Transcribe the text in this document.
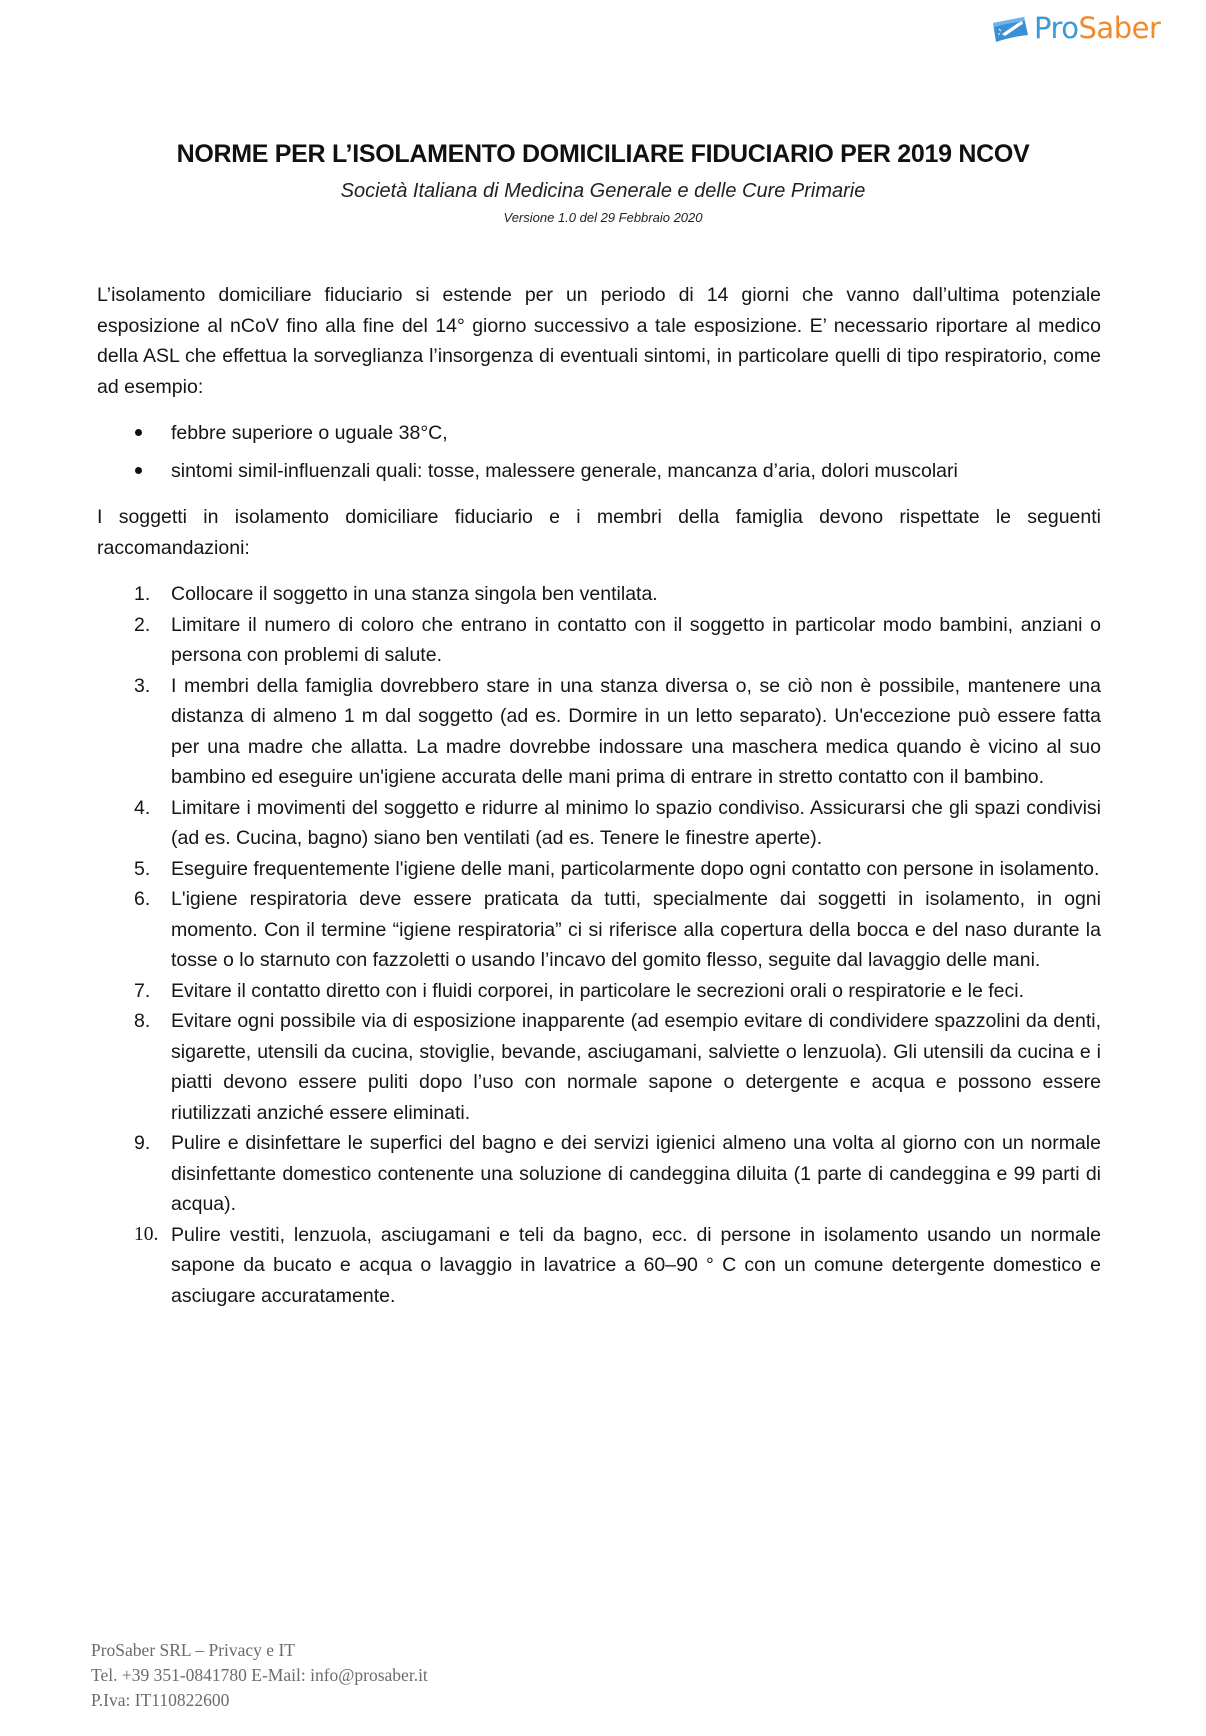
ProSaber
NORME PER L’ISOLAMENTO DOMICILIARE FIDUCIARIO PER 2019 NCOV
Società Italiana di Medicina Generale e delle Cure Primarie
Versione 1.0 del 29 Febbraio 2020

L’isolamento domiciliare fiduciario si estende per un periodo di 14 giorni che vanno dall’ultima potenziale esposizione al nCoV fino alla fine del 14° giorno successivo a tale esposizione. E’ necessario riportare al medico della ASL che effettua la sorveglianza l’insorgenza di eventuali sintomi, in particolare quelli di tipo respiratorio, come ad esempio:

febbre superiore o uguale 38°C,
sintomi simil-influenzali quali: tosse, malessere generale, mancanza d’aria, dolori muscolari

I soggetti in isolamento domiciliare fiduciario e i membri della famiglia devono rispettate le seguenti raccomandazioni:

1. Collocare il soggetto in una stanza singola ben ventilata.
2. Limitare il numero di coloro che entrano in contatto con il soggetto in particolar modo bambini, anziani o persona con problemi di salute.
3. I membri della famiglia dovrebbero stare in una stanza diversa o, se ciò non è possibile, mantenere una distanza di almeno 1 m dal soggetto (ad es. Dormire in un letto separato). Un'eccezione può essere fatta per una madre che allatta. La madre dovrebbe indossare una maschera medica quando è vicino al suo bambino ed eseguire un'igiene accurata delle mani prima di entrare in stretto contatto con il bambino.
4. Limitare i movimenti del soggetto e ridurre al minimo lo spazio condiviso. Assicurarsi che gli spazi condivisi (ad es. Cucina, bagno) siano ben ventilati (ad es. Tenere le finestre aperte).
5. Eseguire frequentemente l'igiene delle mani, particolarmente dopo ogni contatto con persone in isolamento.
6. L'igiene respiratoria deve essere praticata da tutti, specialmente dai soggetti in isolamento, in ogni momento. Con il termine “igiene respiratoria” ci si riferisce alla copertura della bocca e del naso durante la tosse o lo starnuto con fazzoletti o usando l’incavo del gomito flesso, seguite dal lavaggio delle mani.
7. Evitare il contatto diretto con i fluidi corporei, in particolare le secrezioni orali o respiratorie e le feci.
8. Evitare ogni possibile via di esposizione inapparente (ad esempio evitare di condividere spazzolini da denti, sigarette, utensili da cucina, stoviglie, bevande, asciugamani, salviette o lenzuola). Gli utensili da cucina e i piatti devono essere puliti dopo l’uso con normale sapone o detergente e acqua e possono essere riutilizzati anziché essere eliminati.
9. Pulire e disinfettare le superfici del bagno e dei servizi igienici almeno una volta al giorno con un normale disinfettante domestico contenente una soluzione di candeggina diluita (1 parte di candeggina e 99 parti di acqua).
10. Pulire vestiti, lenzuola, asciugamani e teli da bagno, ecc. di persone in isolamento usando un normale sapone da bucato e acqua o lavaggio in lavatrice a 60–90 ° C con un comune detergente domestico e asciugare accuratamente.
ProSaber SRL – Privacy e IT
Tel. +39 351-0841780 E-Mail: info@prosaber.it
P.Iva: IT110822600
